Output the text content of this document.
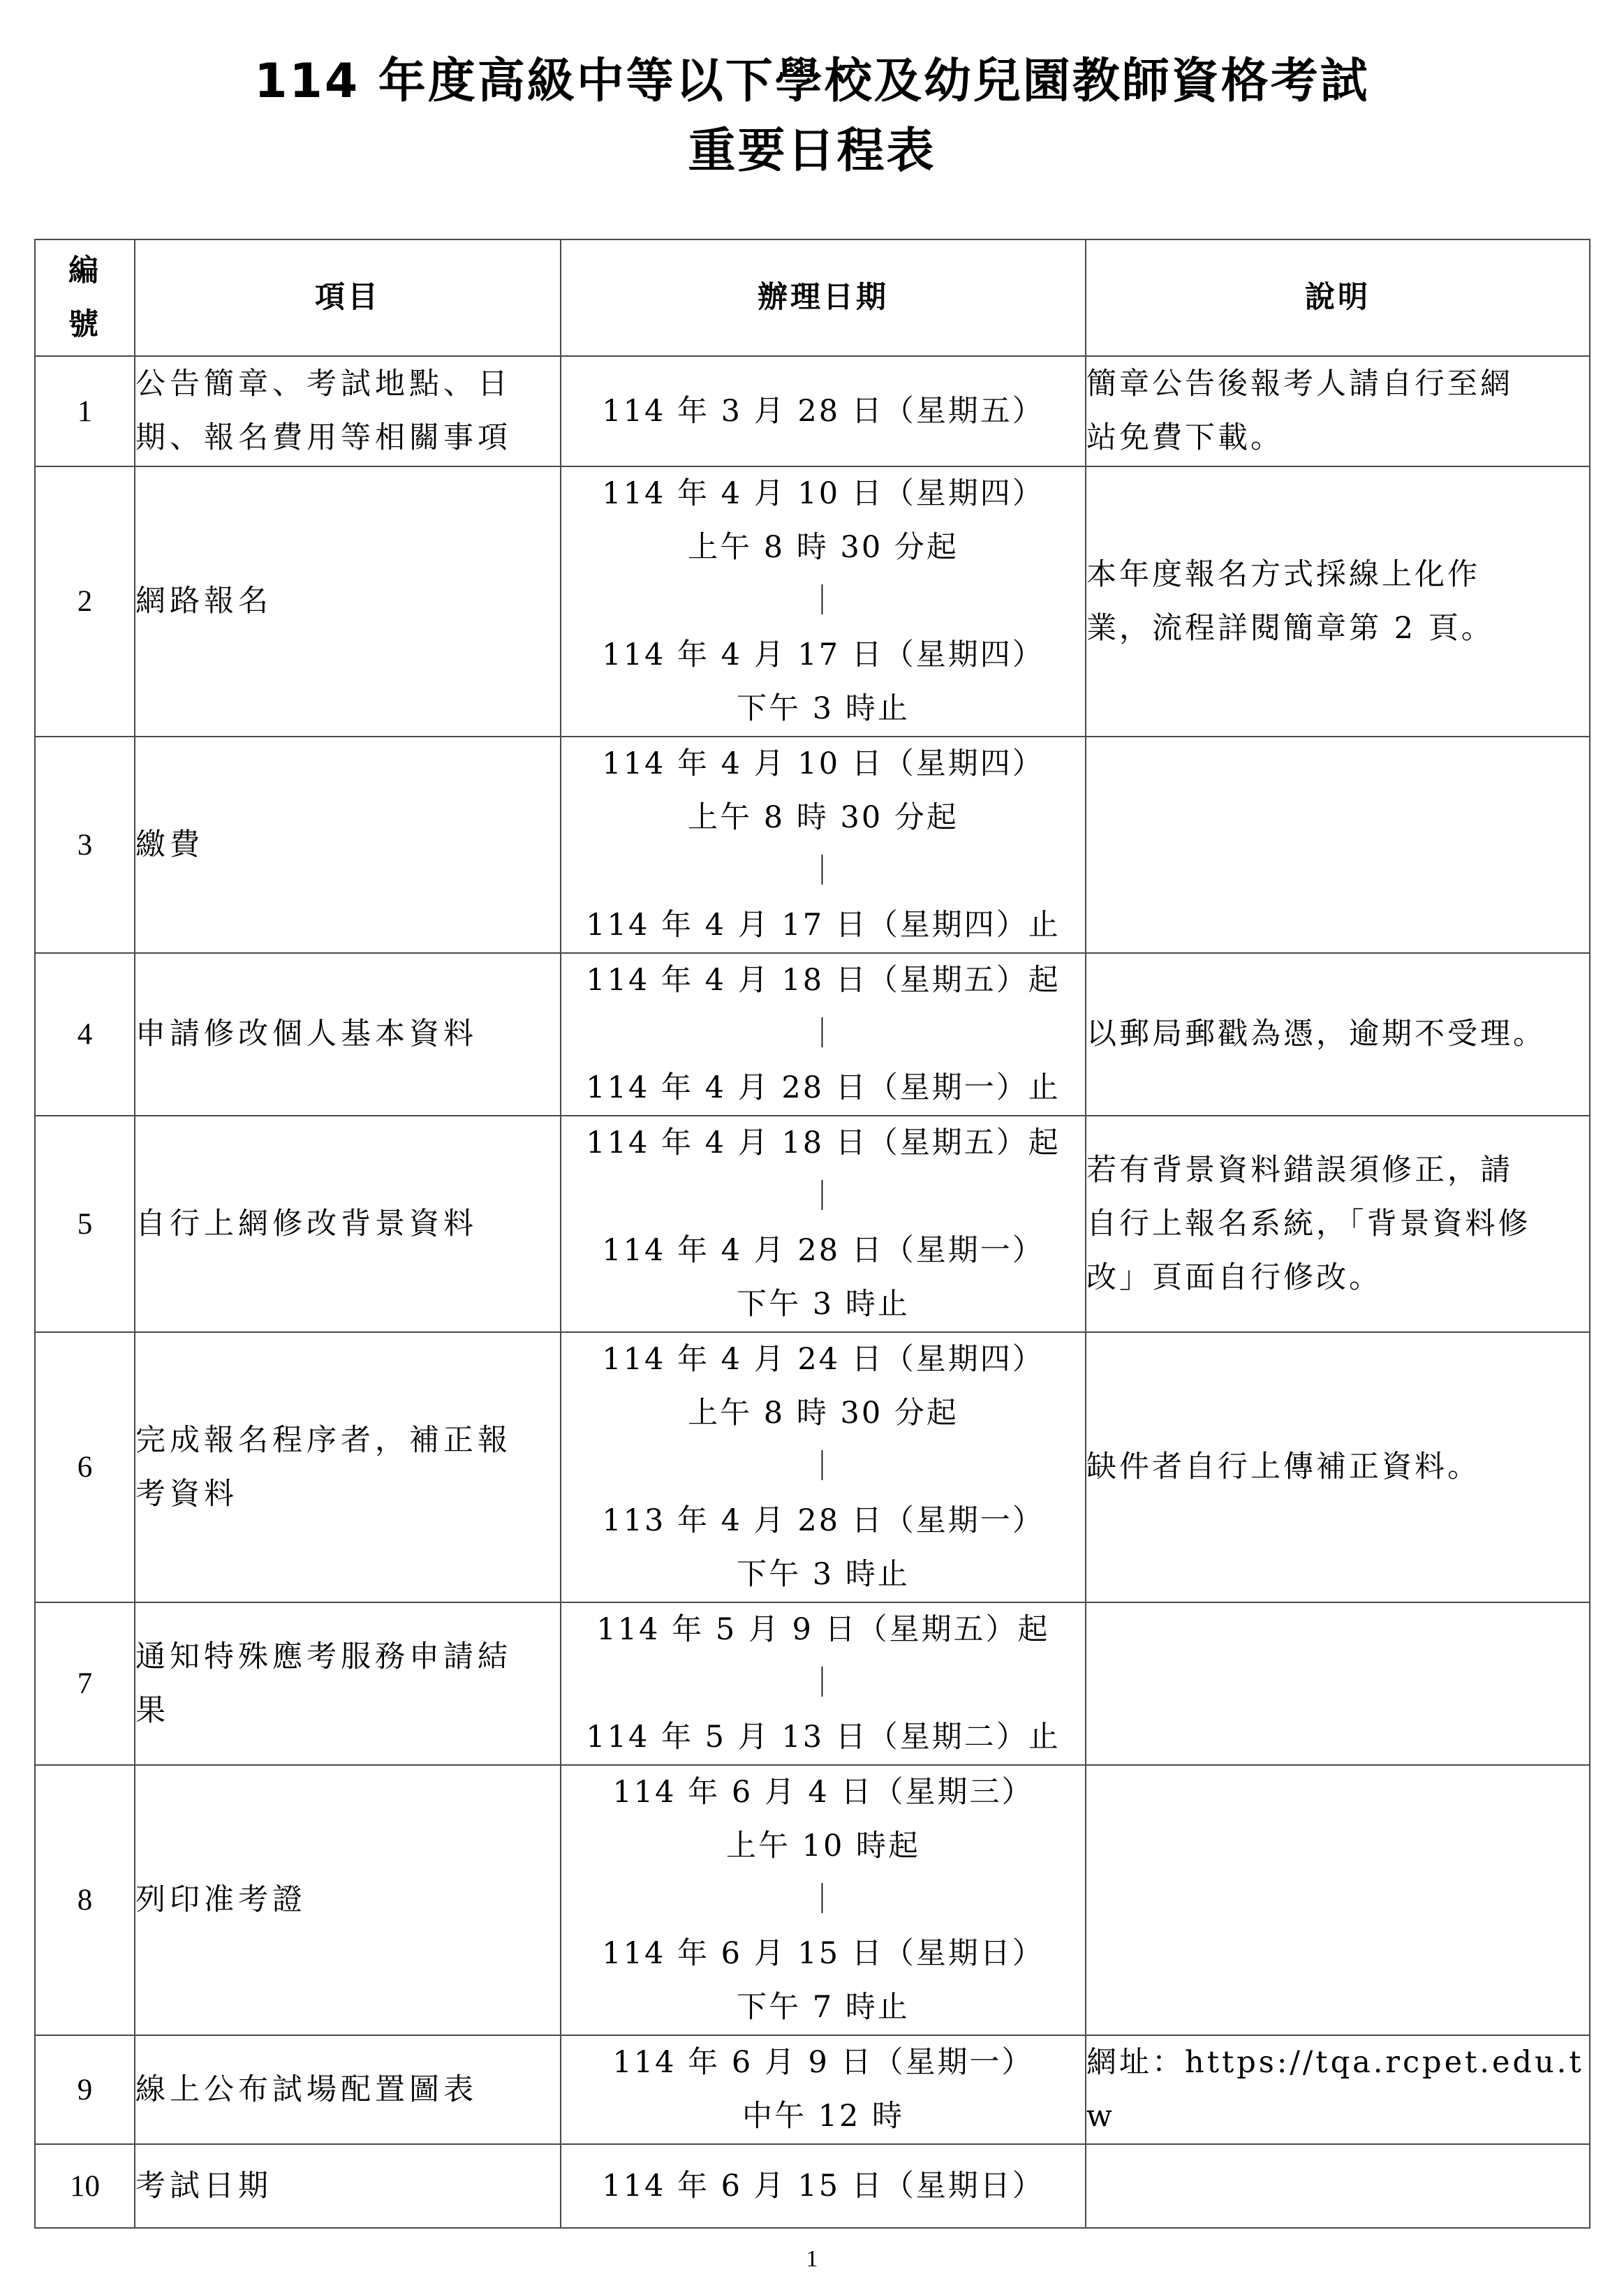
114 年度高級中等以下學校及幼兒園教師資格考試
重要日程表
編
號	項目	辦理日期	說明
1	公告簡章、考試地點、日
期、報名費用等相關事項	114 年 3 月 28 日（星期五）	簡章公告後報考人請自行至網
站免費下載。

2	網路報名	114 年 4 月 10 日（星期四）
上午 8 時 30 分起
｜
114 年 4 月 17 日（星期四）
下午 3 時止	本年度報名方式採線上化作
業，流程詳閱簡章第 2 頁。

3	繳費	114 年 4 月 10 日（星期四）
上午 8 時 30 分起
｜
114 年 4 月 17 日（星期四）止	

4	申請修改個人基本資料	114 年 4 月 18 日（星期五）起
｜
114 年 4 月 28 日（星期一）止	以郵局郵戳為憑，逾期不受理。

5	自行上網修改背景資料	114 年 4 月 18 日（星期五）起
｜
114 年 4 月 28 日（星期一）
下午 3 時止	若有背景資料錯誤須修正，請
自行上報名系統，「背景資料修
改」頁面自行修改。

6	完成報名程序者，補正報
考資料	114 年 4 月 24 日（星期四）
上午 8 時 30 分起
｜
113 年 4 月 28 日（星期一）
下午 3 時止	缺件者自行上傳補正資料。

7	通知特殊應考服務申請結
果	114 年 5 月 9 日（星期五）起
｜
114 年 5 月 13 日（星期二）止	

8	列印准考證	114 年 6 月 4 日（星期三）
上午 10 時起
｜
114 年 6 月 15 日（星期日）
下午 7 時止	

9	線上公布試場配置圖表	114 年 6 月 9 日（星期一）
中午 12 時	網址：https://tqa.rcpet.edu.tw

10	考試日期	114 年 6 月 15 日（星期日）	

1
